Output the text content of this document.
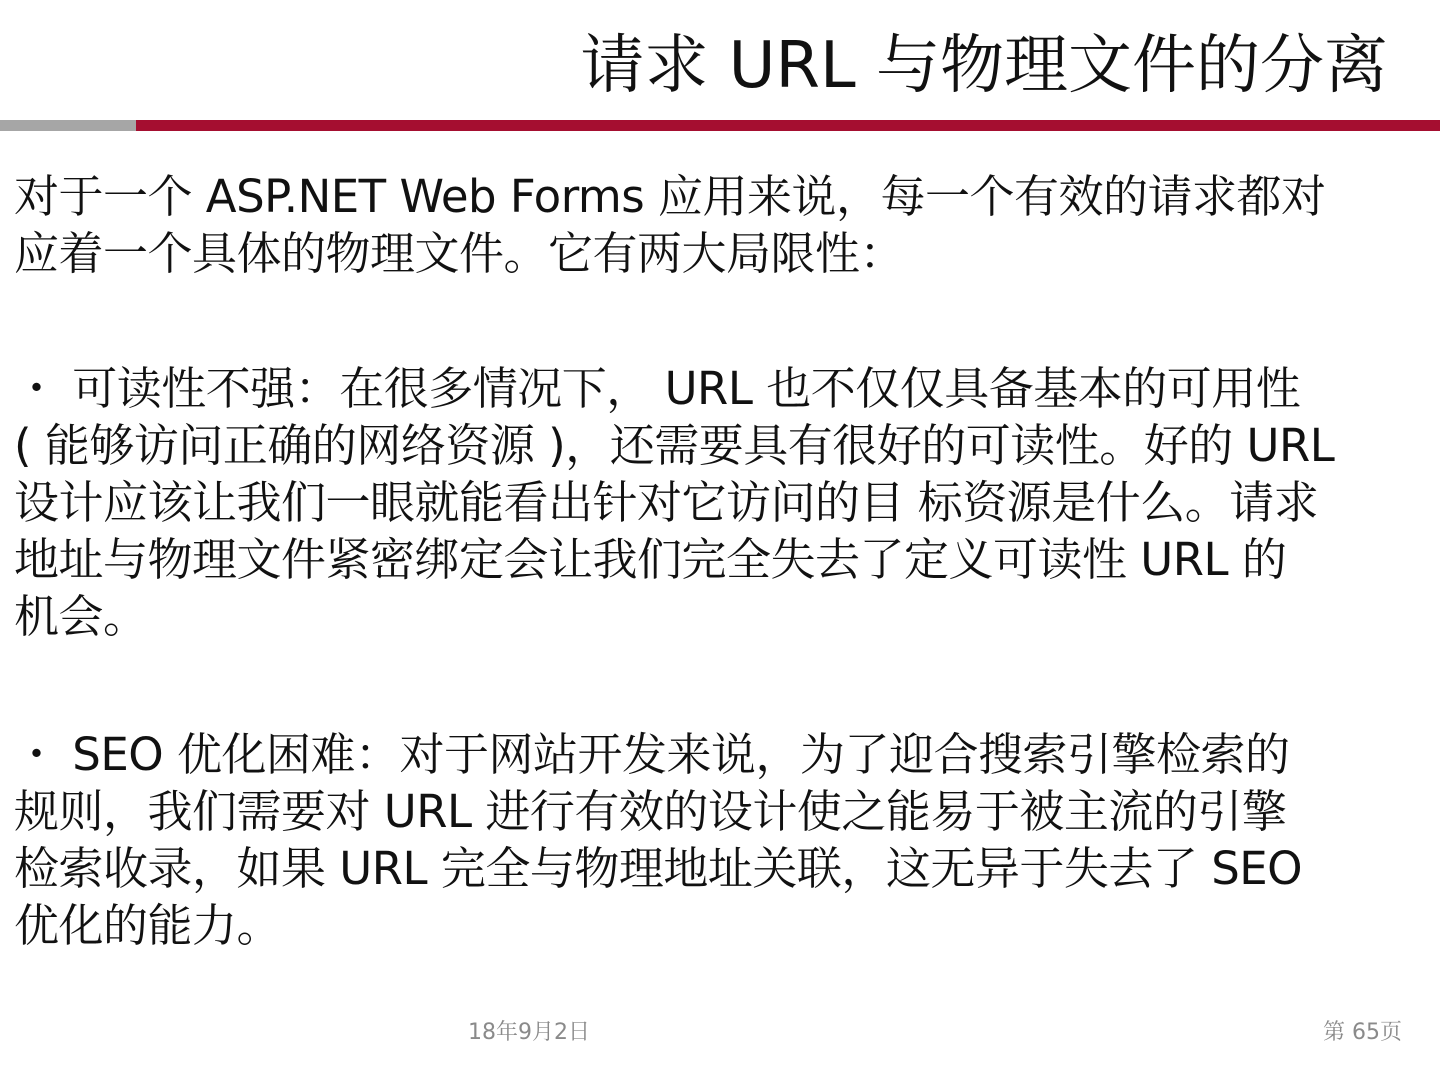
请求 URL 与物理文件的分离
对于一个 ASP.NET Web Forms 应用来说，每一个有效的请求都对
应着一个具体的物理文件。它有两大局限性：
・ 可读性不强：在很多情况下， URL 也不仅仅具备基本的可用性
( 能够访问正确的网络资源 )，还需要具有很好的可读性。好的 URL
设计应该让我们一眼就能看出针对它访问的目 标资源是什么。请求
地址与物理文件紧密绑定会让我们完全失去了定义可读性 URL 的
机会。
・ SEO 优化困难：对于网站开发来说，为了迎合搜索引擎检索的
规则，我们需要对 URL 进行有效的设计使之能易于被主流的引擎
检索收录，如果 URL 完全与物理地址关联，这无异于失去了 SEO
优化的能力。
18年9月2日	第 65页
